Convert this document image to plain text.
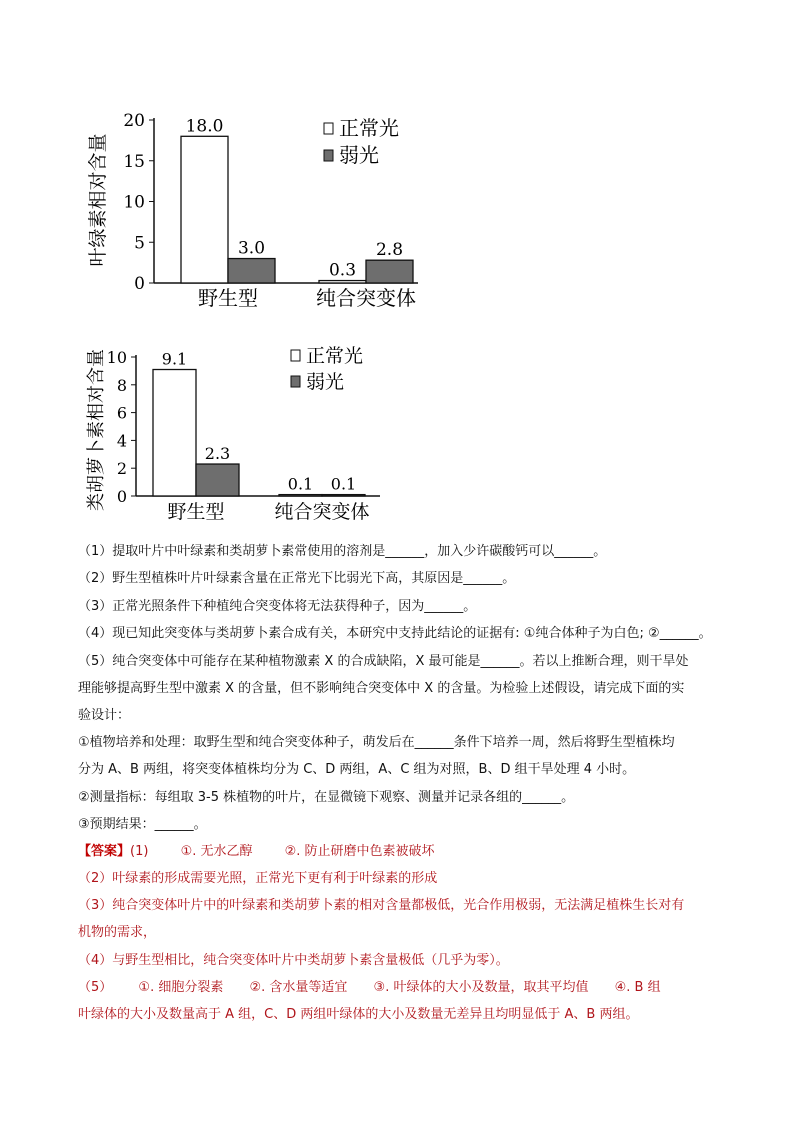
0
5
10
15
20
叶绿素相对含量
18.0
0.3
3.0	2.8
野生型	纯合突变体
正常光
弱光
0
2
4
6
8
10
类胡萝卜素相对含量	9.1
0.1
2.3
0.1
野生型	纯合突变体
正常光
弱光
（1）提取叶片中叶绿素和类胡萝卜素常使用的溶剂是______，加入少许碳酸钙可以______。
（2）野生型植株叶片叶绿素含量在正常光下比弱光下高，其原因是______。
（3）正常光照条件下种植纯合突变体将无法获得种子，因为______。
（4）现已知此突变体与类胡萝卜素合成有关，本研究中支持此结论的证据有: ①纯合体种子为白色; ②______。
（5）纯合突变体中可能存在某种植物激素 X 的合成缺陷，X 最可能是______。若以上推断合理，则干旱处
理能够提高野生型中激素 X 的含量，但不影响纯合突变体中 X 的含量。为检验上述假设，请完成下面的实
验设计：
①植物培养和处理：取野生型和纯合突变体种子，萌发后在______条件下培养一周，然后将野生型植株均
分为 A、B 两组，将突变体植株均分为 C、D 两组，A、C 组为对照，B、D 组干旱处理 4 小时。
②测量指标：每组取 3-5 株植物的叶片，在显微镜下观察、测量并记录各组的______。
③预期结果：______。
【答案】(1) ①. 无水乙醇 ②. 防止研磨中色素被破坏
（2）叶绿素的形成需要光照，正常光下更有利于叶绿素的形成
（3）纯合突变体叶片中的叶绿素和类胡萝卜素的相对含量都极低，光合作用极弱，无法满足植株生长对有
机物的需求，
（4）与野生型相比，纯合突变体叶片中类胡萝卜素含量极低（几乎为零）。
（5） ①. 细胞分裂素 ②. 含水量等适宜 ③. 叶绿体的大小及数量，取其平均值 ④. B 组
叶绿体的大小及数量高于 A 组，C、D 两组叶绿体的大小及数量无差异且均明显低于 A、B 两组。
